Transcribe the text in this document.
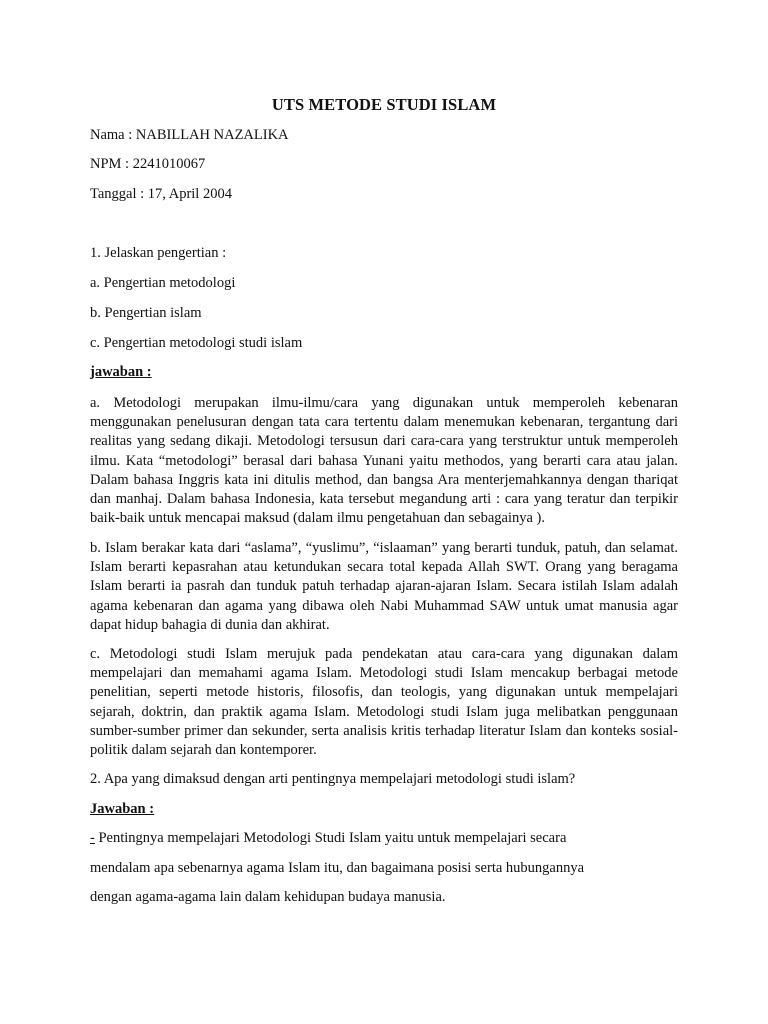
UTS METODE STUDI ISLAM
Nama : NABILLAH NAZALIKA
NPM : 2241010067
Tanggal : 17, April 2004
1. Jelaskan pengertian :
a. Pengertian metodologi
b. Pengertian islam
c. Pengertian metodologi studi islam
jawaban :
a. Metodologi merupakan ilmu-ilmu/cara yang digunakan untuk memperoleh kebenaran menggunakan penelusuran dengan tata cara tertentu dalam menemukan kebenaran, tergantung dari realitas yang sedang dikaji. Metodologi tersusun dari cara-cara yang terstruktur untuk memperoleh ilmu. Kata “metodologi” berasal dari bahasa Yunani yaitu methodos, yang berarti cara atau jalan. Dalam bahasa Inggris kata ini ditulis method, dan bangsa Ara menterjemahkannya dengan thariqat dan manhaj. Dalam bahasa Indonesia, kata tersebut megandung arti : cara yang teratur dan terpikir baik-baik untuk mencapai maksud (dalam ilmu pengetahuan dan sebagainya ).
b. Islam berakar kata dari “aslama”, “yuslimu”, “islaaman” yang berarti tunduk, patuh, dan selamat. Islam berarti kepasrahan atau ketundukan secara total kepada Allah SWT. Orang yang beragama Islam berarti ia pasrah dan tunduk patuh terhadap ajaran-ajaran Islam. Secara istilah Islam adalah agama kebenaran dan agama yang dibawa oleh Nabi Muhammad SAW untuk umat manusia agar dapat hidup bahagia di dunia dan akhirat.
c. Metodologi studi Islam merujuk pada pendekatan atau cara-cara yang digunakan dalam mempelajari dan memahami agama Islam. Metodologi studi Islam mencakup berbagai metode penelitian, seperti metode historis, filosofis, dan teologis, yang digunakan untuk mempelajari sejarah, doktrin, dan praktik agama Islam. Metodologi studi Islam juga melibatkan penggunaan sumber-sumber primer dan sekunder, serta analisis kritis terhadap literatur Islam dan konteks sosial-politik dalam sejarah dan kontemporer.
2. Apa yang dimaksud dengan arti pentingnya mempelajari metodologi studi islam?
Jawaban :
- Pentingnya mempelajari Metodologi Studi Islam yaitu untuk mempelajari secara
mendalam apa sebenarnya agama Islam itu, dan bagaimana posisi serta hubungannya
dengan agama-agama lain dalam kehidupan budaya manusia.
